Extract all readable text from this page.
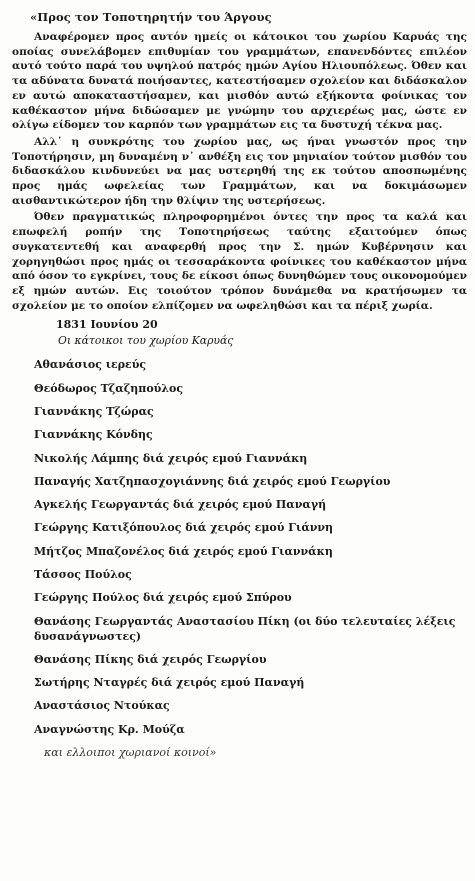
«Προς τον Τοποτηρητήν του Άργους

Αναφέρομεν προς αυτόν ημείς οι κάτοικοι του χωρίου Καρυάς της οποίας συνελάβομεν επιθυμίαν του γραμμάτων, επανενδόντες επιλέον αυτό τούτο παρά του υψηλού πατρός ημών Αγίου Ηλιουπόλεως. Όθεν και τα αδύνατα δυνατά ποιήσαντες, κατεστήσαμεν σχολείον και διδάσκαλον εν αυτώ αποκαταστήσαμεν, και μισθόν αυτώ εξήκοντα φοίνικας τον καθέκαστον μήνα διδώσαμεν με γνώμην του αρχιερέως μας, ώστε εν ολίγω είδομεν τον καρπόν των γραμμάτων εις τα δυστυχή τέκνα μας.

Αλλ᾽ η συνκρότης του χωρίου μας, ως ήναι γνωστόν προς την Τοποτήρησιν, μη δυναμένη ν᾽ ανθέξη εις τον μηνιαίον τούτον μισθόν του διδασκάλου κινδυνεύει να μας υστερηθή της εκ τούτου αποσπωμένης προς ημάς ωφελείας των Γραμμάτων, και να δοκιμάσωμεν αισθαντικώτερον ήδη την θλίψιν της υστερήσεως.

Όθεν πραγματικώς πληροφορημένοι όντες την προς τα καλά και επωφελή ροπήν της Τοποτηρήσεως ταύτης εξαιτούμεν όπως συγκατεντεθή και αναφερθή προς την Σ. ημών Κυβέρνησιν και χορηγηθώσι προς ημάς οι τεσσαράκοντα φοίνικες του καθέκαστον μήνα από όσον το εγκρίνει, τους δε είκοσι όπως δυνηθώμεν τους οικονομούμεν εξ ημών αυτών. Εις τοιούτον τρόπον δυνάμεθα να κρατήσωμεν τα σχολείον με το οποίον ελπίζομεν να ωφεληθώσι και τα πέριξ χωρία.

1831 Ιουνίου 20
Οι κάτοικοι του χωρίου Καρυάς
Αθανάσιος ιερεύς
Θεόδωρος Τζαζηπούλος
Γιαννάκης Τζώρας
Γιαννάκης Κόνδης
Νικολής Λάμπης διά χειρός εμού Γιαννάκη
Παναγής Χατζηπασχογιάννης διά χειρός εμού Γεωργίου
Αγκελής Γεωργαντάς διά χειρός εμού Παναγή
Γεώργης Κατιξόπουλος διά χειρός εμού Γιάννη
Μήτζος Μπαζονέλος διά χειρός εμού Γιαννάκη
Τάσσος Πούλος
Γεώργης Πούλος διά χειρός εμού Σπύρου
Θανάσης Γεωργαντάς Αναστασίου Πίκη (οι δύο τελευταίες λέξεις δυσανάγνωστες)
Θανάσης Πίκης διά χειρός Γεωργίου
Σωτήρης Νταγρές διά χειρός εμού Παναγή
Αναστάσιος Ντούκας
Αναγνώστης Κρ. Μούζα
και ελλοιποι χωριανοί κοινοί»
